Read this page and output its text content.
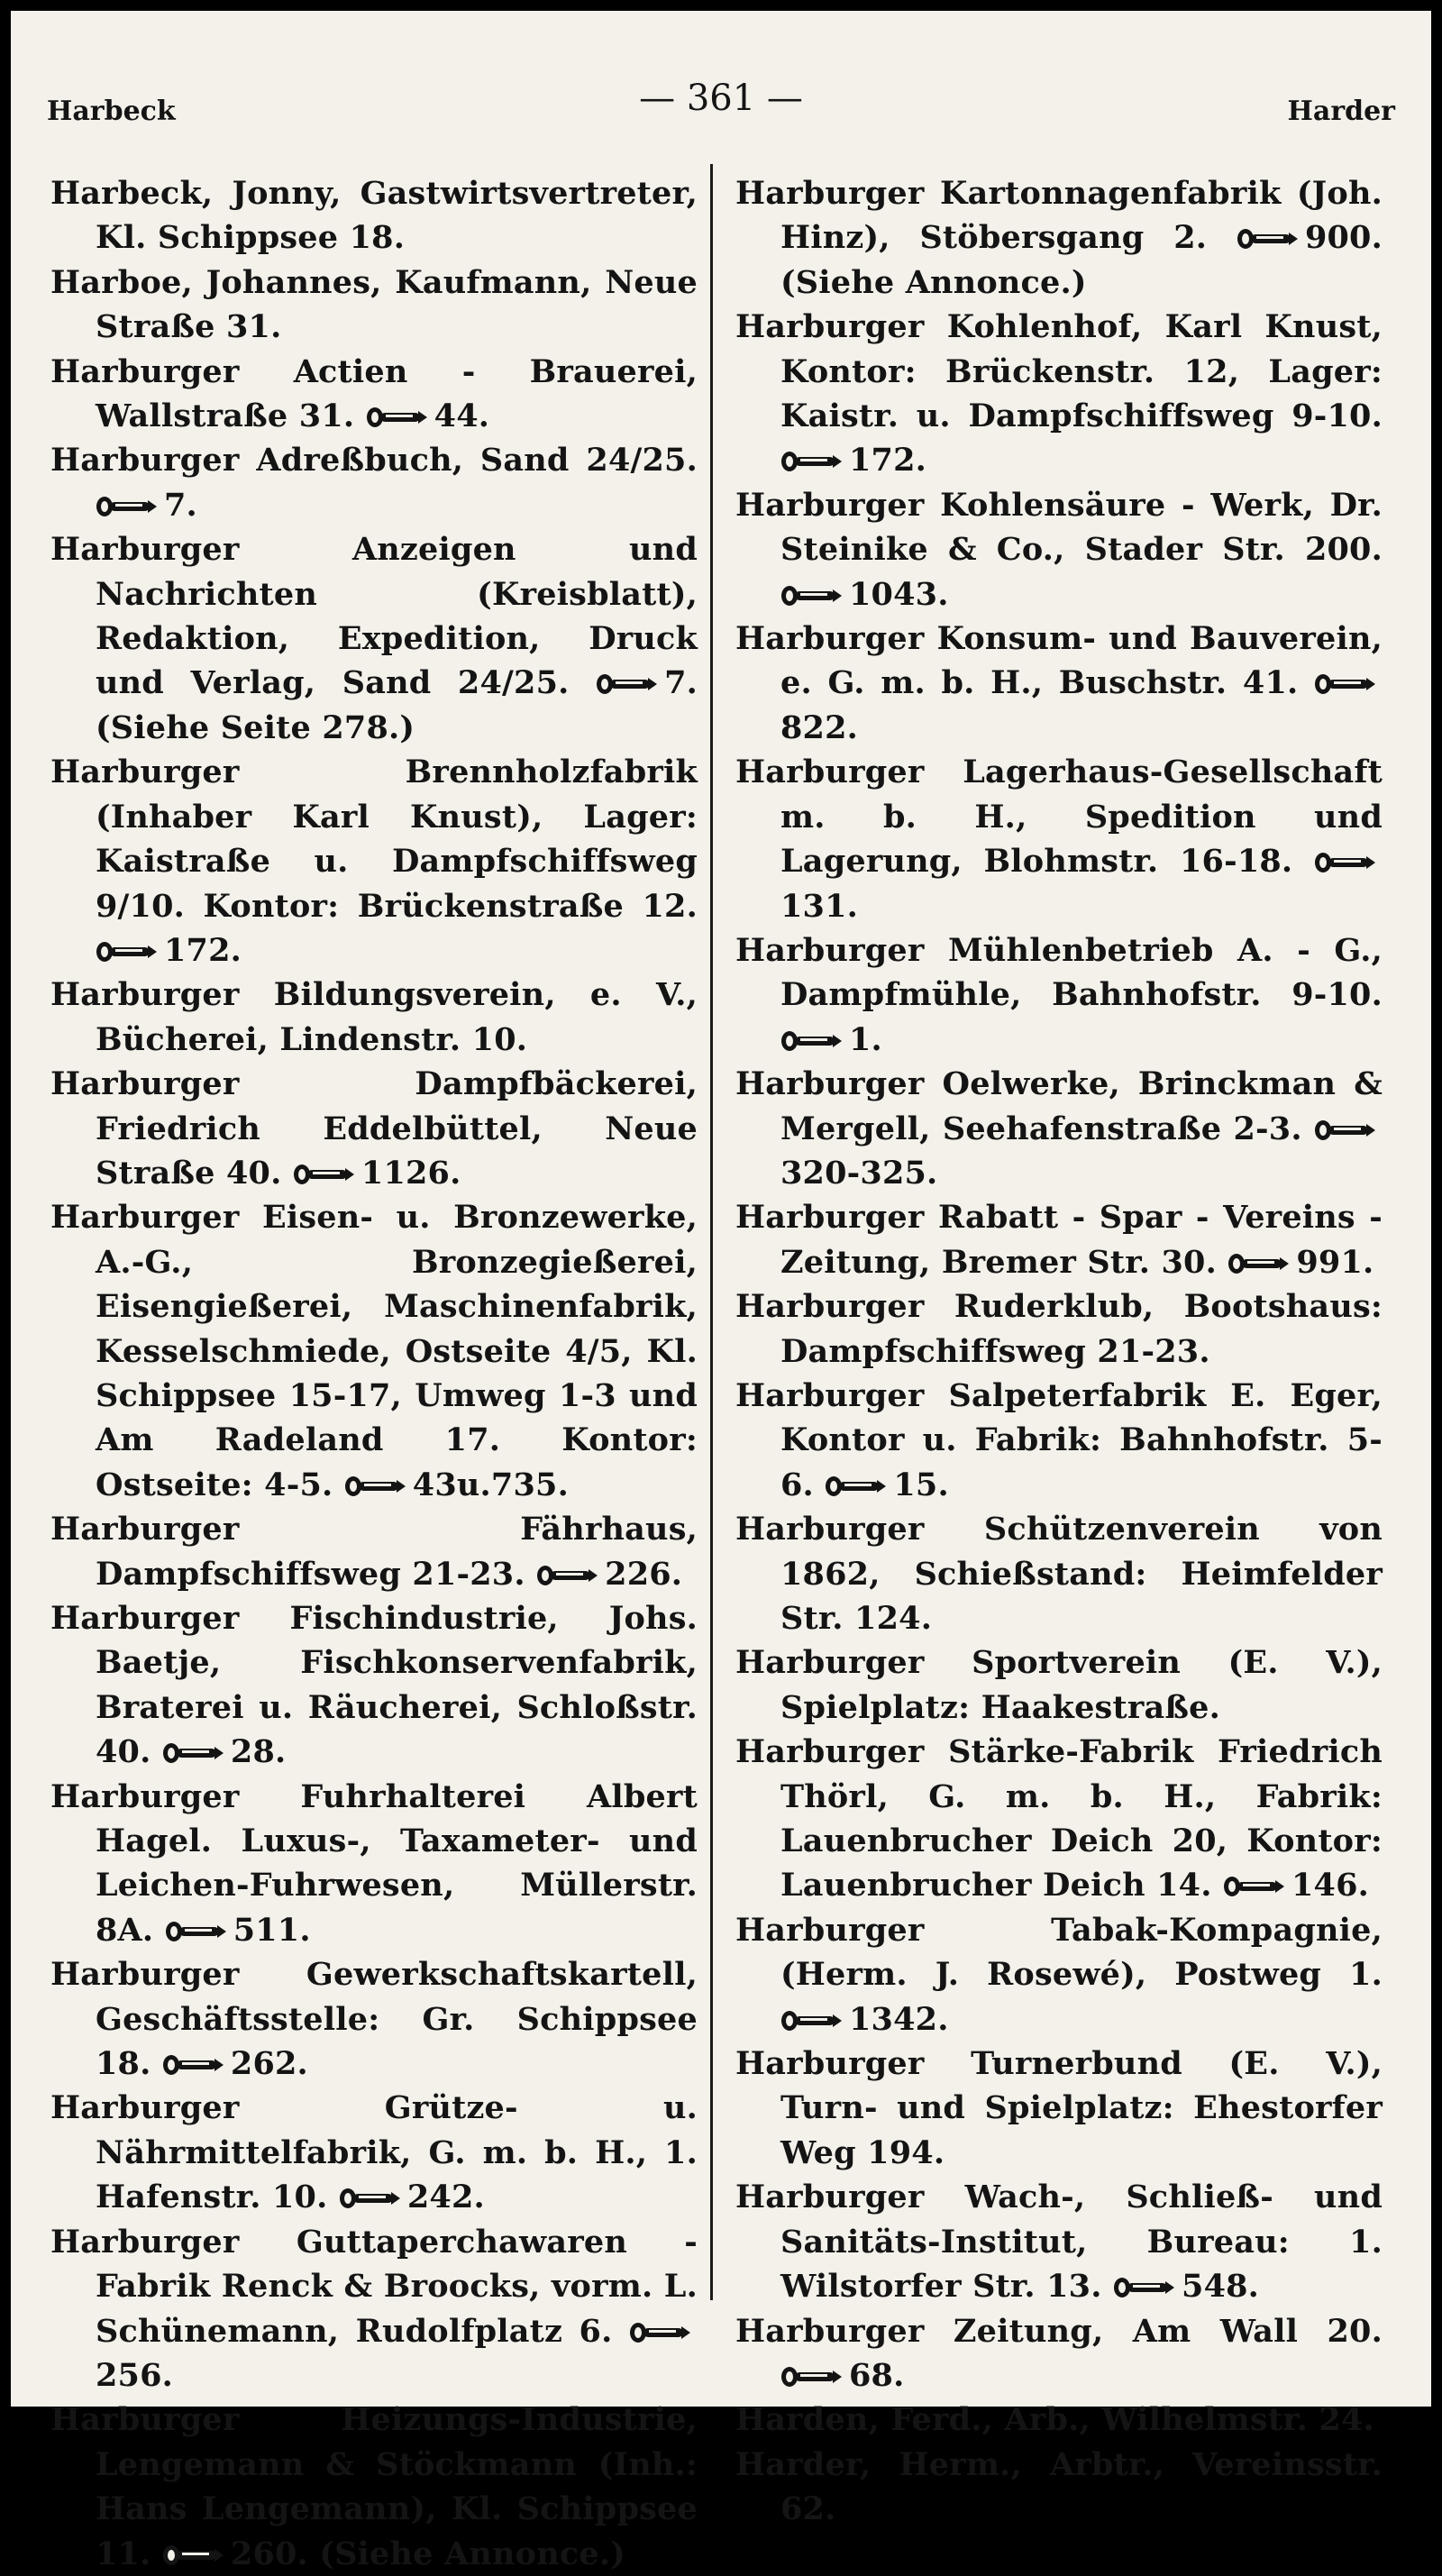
Harbeck	— 361 —	Harder
Harbeck, Jonny, Gastwirtsvertreter, Kl. Schippsee 18.
Harboe, Johannes, Kaufmann, Neue Straße 31.
Harburger Actien - Brauerei, Wallstraße 31.	44.
Harburger Adreßbuch, Sand 24/25.
7.
Harburger Anzeigen und Nachrichten (Kreisblatt), Redaktion, Expedition, Druck und Verlag, Sand 24/25.	7. (Siehe Seite 278.)
Harburger Brennholzfabrik (Inhaber Karl Knust), Lager: Kaistraße u. Dampfschiffsweg 9/10. Kontor: Brückenstraße 12.
172.
Harburger Bildungsverein, e. V., Bücherei, Lindenstr. 10.
Harburger Dampfbäckerei, Friedrich Eddelbüttel, Neue Straße 40.	1126.
Harburger Eisen- u. Bronzewerke, A.-G., Bronzegießerei, Eisengießerei, Maschinenfabrik, Kesselschmiede, Ostseite 4/5, Kl. Schippsee 15-17, Umweg 1-3 und Am Radeland 17. Kontor: Ostseite: 4-5.	43u.735.
Harburger Fährhaus, Dampfschiffsweg 21-23.	226.
Harburger Fischindustrie, Johs. Baetje, Fischkonservenfabrik, Braterei u. Räucherei, Schloßstr. 40.	28.
Harburger Fuhrhalterei Albert Hagel. Luxus-, Taxameter- und Leichen-Fuhrwesen, Müllerstr. 8A.	511.
Harburger Gewerkschaftskartell, Geschäftsstelle: Gr. Schippsee 18.	262.
Harburger Grütze- u. Nährmittelfabrik, G. m. b. H., 1. Hafenstr. 10.	242.
Harburger Guttaperchawaren - Fabrik Renck & Broocks, vorm. L. Schünemann, Rudolfplatz 6.
256.
Harburger Heizungs-Industrie, Lengemann & Stöckmann (Inh.: Hans Lengemann), Kl. Schippsee 11.	260. (Siehe Annonce.)
Harburger Kartonnagenfabrik (Joh. Hinz), Stöbersgang 2.	900. (Siehe Annonce.)
Harburger Kohlenhof, Karl Knust, Kontor: Brückenstr. 12, Lager: Kaistr. u. Dampfschiffsweg 9-10.
172.
Harburger Kohlensäure - Werk, Dr. Steinike & Co., Stader Str. 200.
1043.
Harburger Konsum- und Bauverein, e. G. m. b. H., Buschstr. 41.
822.
Harburger Lagerhaus-Gesellschaft m. b. H., Spedition und Lagerung, Blohmstr. 16-18.
131.
Harburger Mühlenbetrieb A. - G., Dampfmühle, Bahnhofstr. 9-10.
1.
Harburger Oelwerke, Brinckman & Mergell, Seehafenstraße 2-3.
320-325.
Harburger Rabatt - Spar - Vereins - Zeitung, Bremer Str. 30.	991.
Harburger Ruderklub, Bootshaus: Dampfschiffsweg 21-23.
Harburger Salpeterfabrik E. Eger, Kontor u. Fabrik: Bahnhofstr. 5-6.	15.
Harburger Schützenverein von 1862, Schießstand: Heimfelder Str. 124.
Harburger Sportverein (E. V.), Spielplatz: Haakestraße.
Harburger Stärke-Fabrik Friedrich Thörl, G. m. b. H., Fabrik: Lauenbrucher Deich 20, Kontor: Lauenbrucher Deich 14.	146.
Harburger Tabak-Kompagnie, (Herm. J. Rosewé), Postweg 1.
1342.
Harburger Turnerbund (E. V.), Turn- und Spielplatz: Ehestorfer Weg 194.
Harburger Wach-, Schließ- und Sanitäts-Institut, Bureau: 1. Wilstorfer Str. 13.	548.
Harburger Zeitung, Am Wall 20.
68.
Harden, Ferd., Arb., Wilhelmstr. 24.
Harder, Herm., Arbtr., Vereinsstr. 62.
